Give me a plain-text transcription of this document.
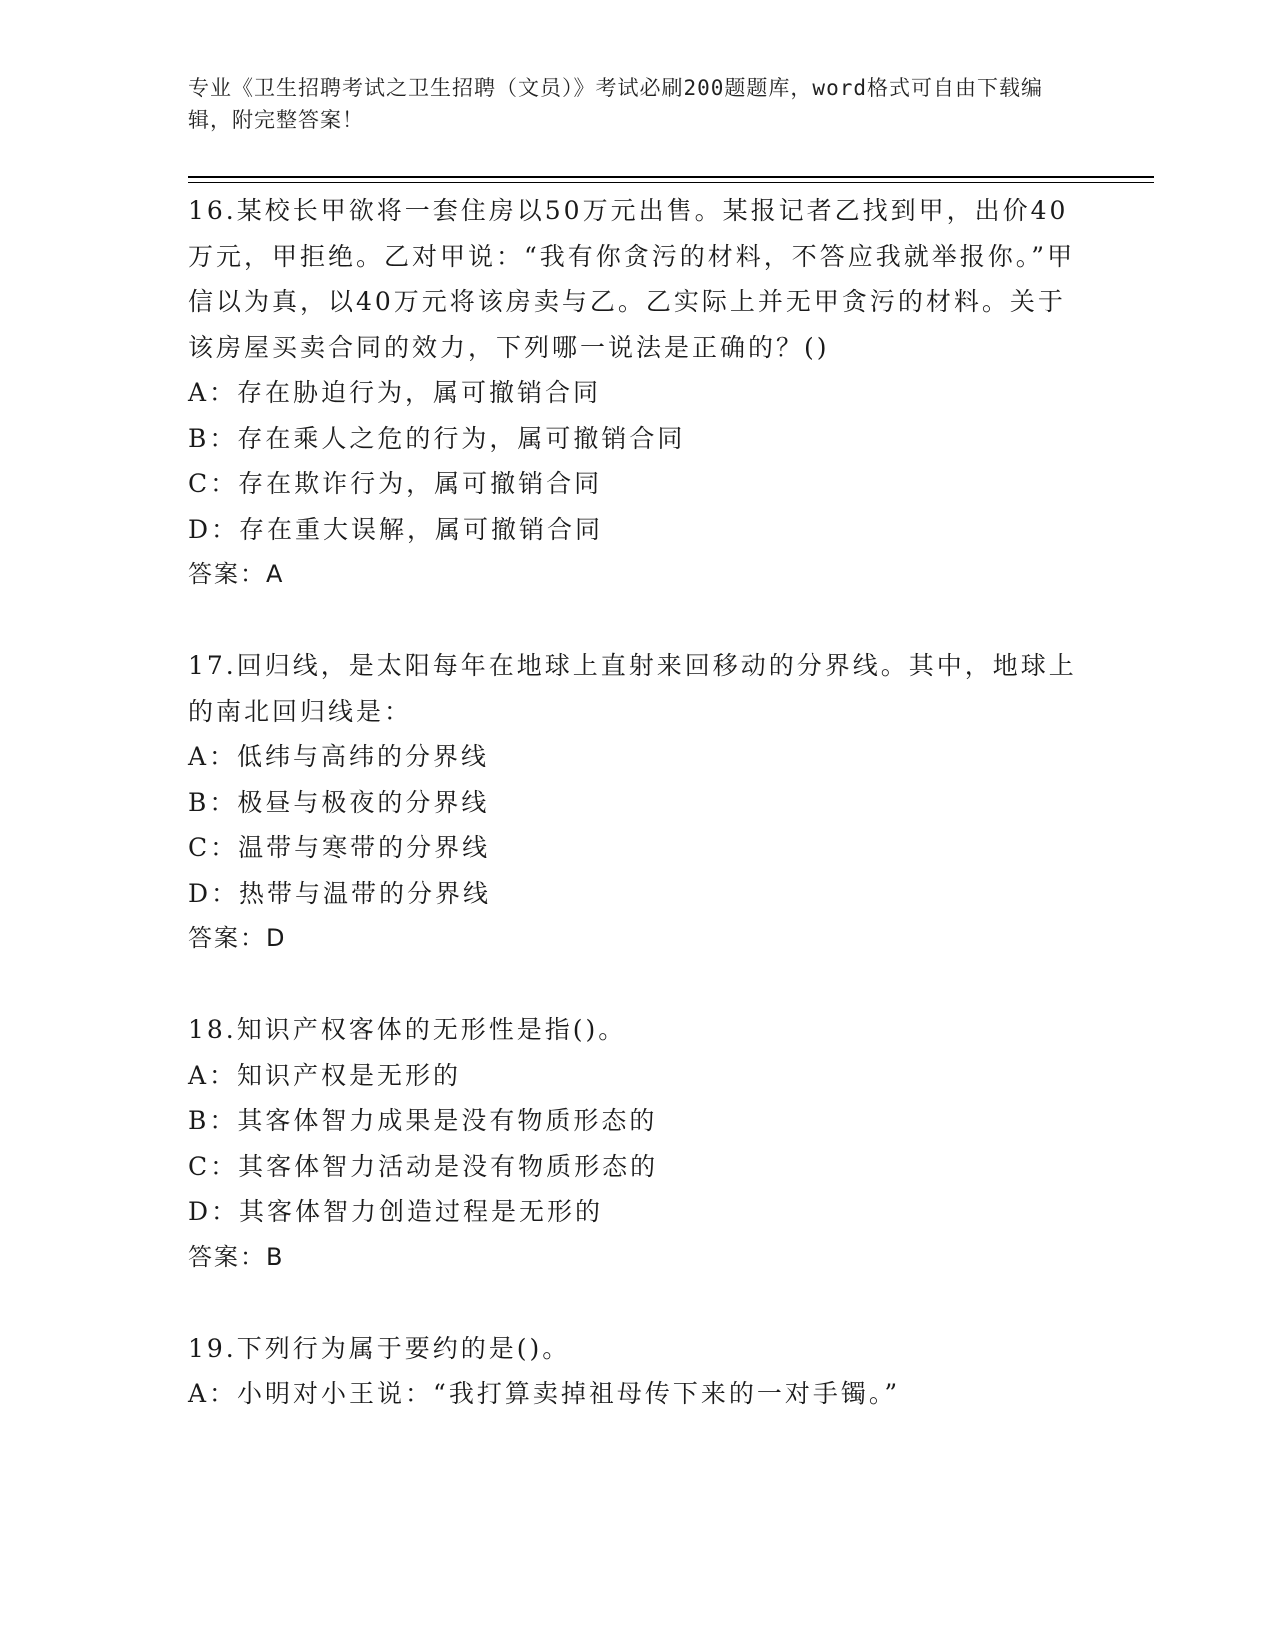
专业《卫生招聘考试之卫生招聘（文员）》考试必刷200题题库，word格式可自由下载编辑，附完整答案！

16.某校长甲欲将一套住房以50万元出售。某报记者乙找到甲，出价40万元，甲拒绝。乙对甲说：“我有你贪污的材料，不答应我就举报你。”甲信以为真，以40万元将该房卖与乙。乙实际上并无甲贪污的材料。关于该房屋买卖合同的效力，下列哪一说法是正确的？()

A：存在胁迫行为，属可撤销合同

B：存在乘人之危的行为，属可撤销合同

C：存在欺诈行为，属可撤销合同

D：存在重大误解，属可撤销合同

答案：A

17.回归线，是太阳每年在地球上直射来回移动的分界线。其中，地球上的南北回归线是：

A：低纬与高纬的分界线

B：极昼与极夜的分界线

C：温带与寒带的分界线

D：热带与温带的分界线

答案：D

18.知识产权客体的无形性是指()。

A：知识产权是无形的

B：其客体智力成果是没有物质形态的

C：其客体智力活动是没有物质形态的

D：其客体智力创造过程是无形的

答案：B

19.下列行为属于要约的是()。

A：小明对小王说：“我打算卖掉祖母传下来的一对手镯。”
